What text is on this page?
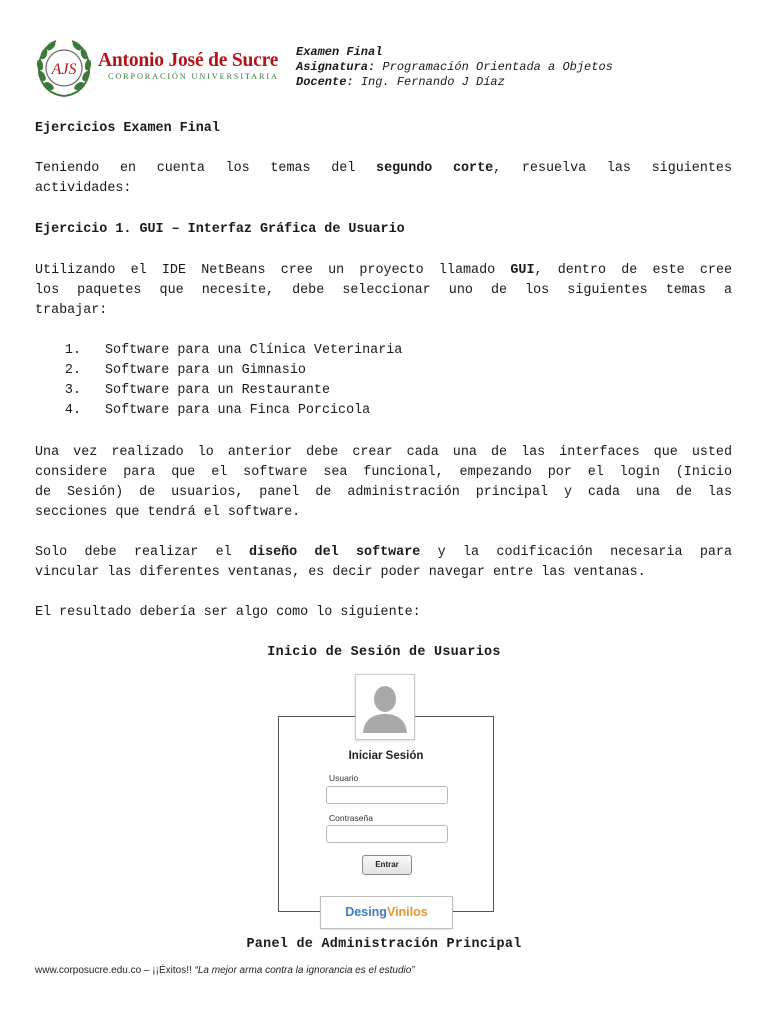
AJS Antonio José de Sucre
CORPORACIÓN UNIVERSITARIA
Examen Final
Asignatura: Programación Orientada a Objetos
Docente: Ing. Fernando J Díaz
Ejercicios Examen Final
Teniendo en cuenta los temas del segundo corte, resuelva las siguientes
actividades:
Ejercicio 1. GUI – Interfaz Gráfica de Usuario
Utilizando el IDE NetBeans cree un proyecto llamado GUI, dentro de este cree
los paquetes que necesite, debe seleccionar uno de los siguientes temas a
trabajar:
1. Software para una Clínica Veterinaria
2. Software para un Gimnasio
3. Software para un Restaurante
4. Software para una Finca Porcicola
Una vez realizado lo anterior debe crear cada una de las interfaces que usted
considere para que el software sea funcional, empezando por el login (Inicio
de Sesión) de usuarios, panel de administración principal y cada una de las
secciones que tendrá el software.
Solo debe realizar el diseño del software y la codificación necesaria para
vincular las diferentes ventanas, es decir poder navegar entre las ventanas.
El resultado debería ser algo como lo siguiente:
Inicio de Sesión de Usuarios
Iniciar Sesión
Usuario
Contraseña
Entrar
DesingVinilos
Panel de Administración Principal
www.corposucre.edu.co – ¡¡Éxitos!! “La mejor arma contra la ignorancia es el estudio”
